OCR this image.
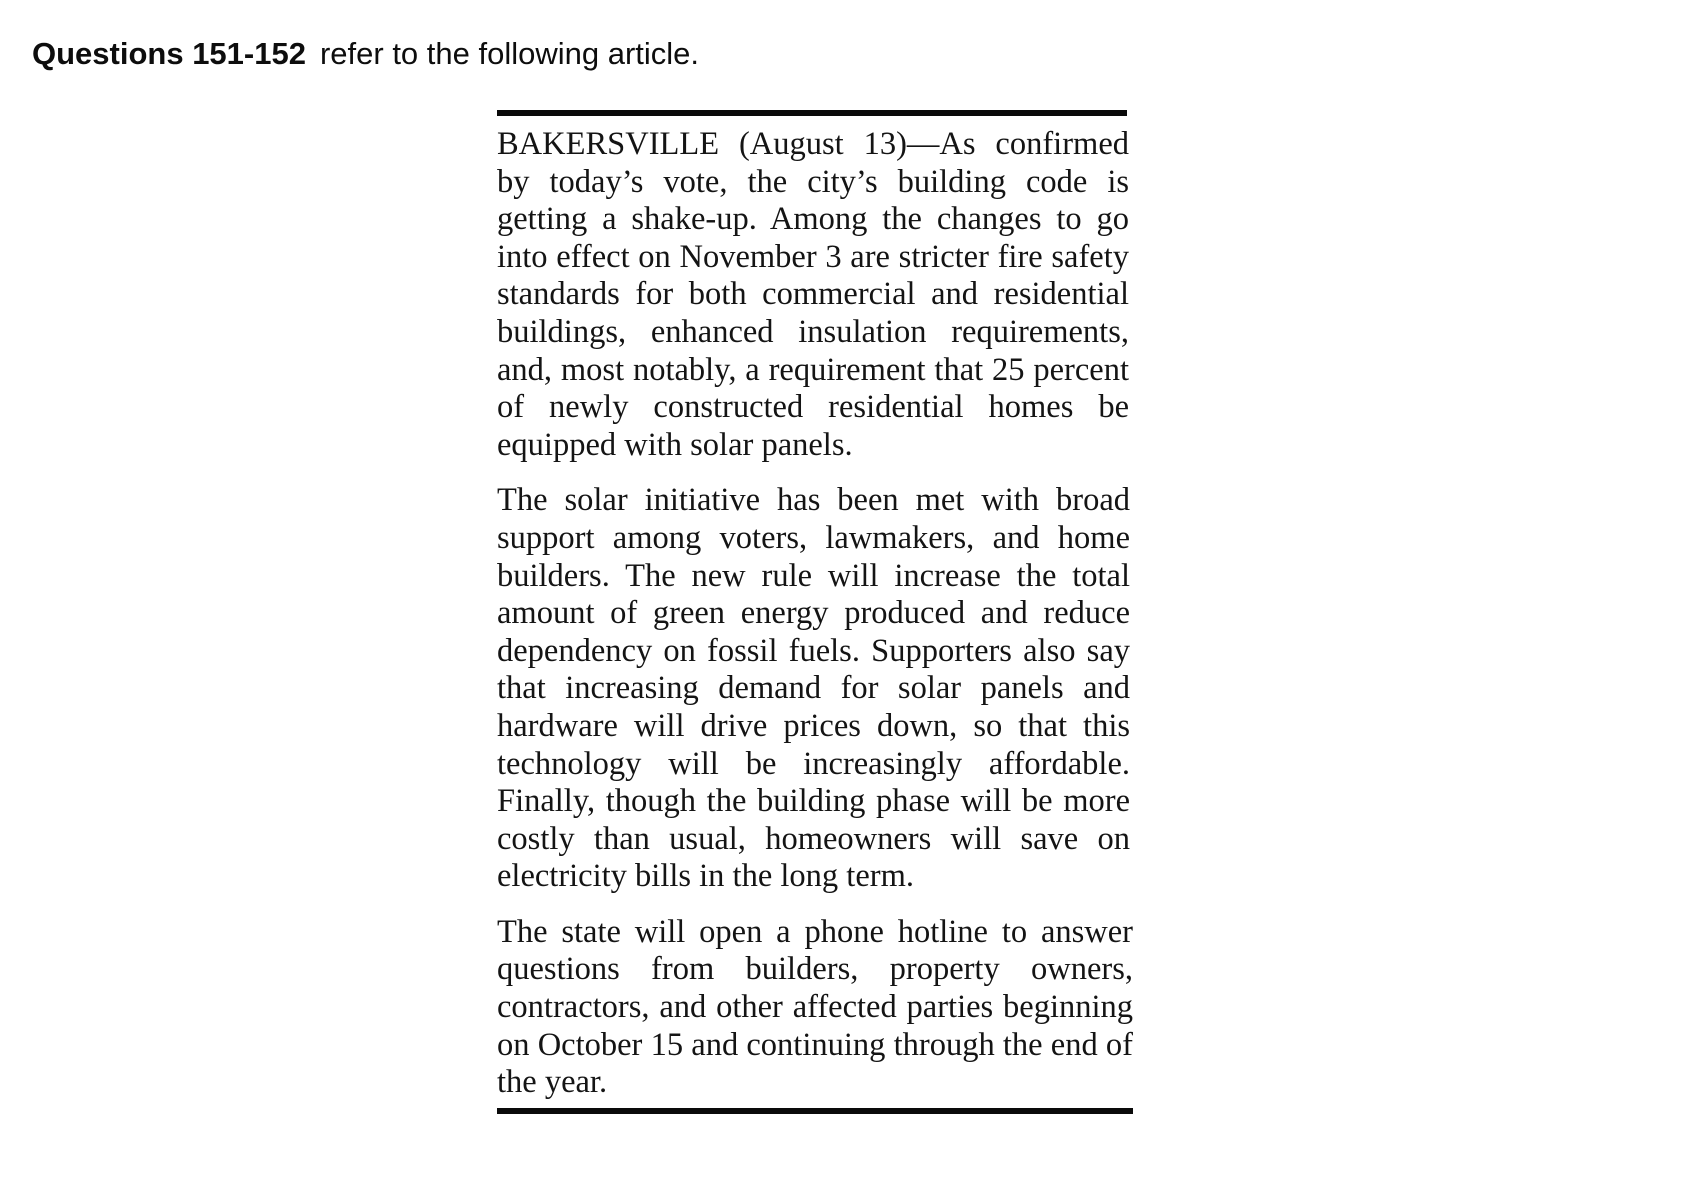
Questions 151-152 refer to the following article.

BAKERSVILLE (August 13)—As confirmed by today’s vote, the city’s building code is getting a shake-up. Among the changes to go into effect on November 3 are stricter fire safety standards for both commercial and residential buildings, enhanced insulation requirements, and, most notably, a requirement that 25 percent of newly constructed residential homes be equipped with solar panels.

The solar initiative has been met with broad support among voters, lawmakers, and home builders. The new rule will increase the total amount of green energy produced and reduce dependency on fossil fuels. Supporters also say that increasing demand for solar panels and hardware will drive prices down, so that this technology will be increasingly affordable. Finally, though the building phase will be more costly than usual, homeowners will save on electricity bills in the long term.

The state will open a phone hotline to answer questions from builders, property owners, contractors, and other affected parties beginning on October 15 and continuing through the end of the year.
